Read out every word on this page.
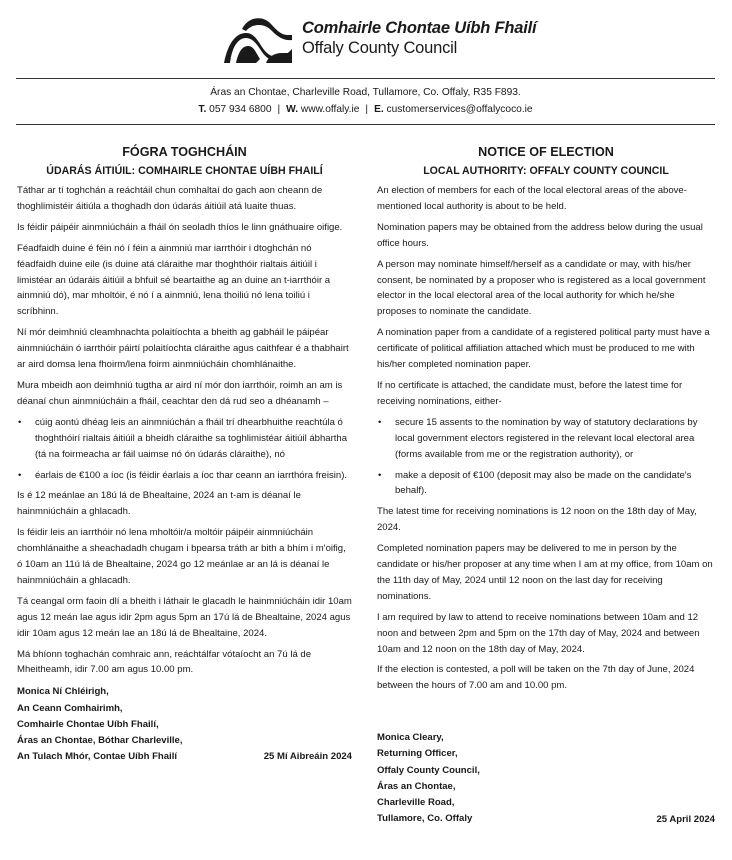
Comhairle Chontae Uíbh Fhailí
Offaly County Council
Áras an Chontae, Charleville Road, Tullamore, Co. Offaly, R35 F893.
T. 057 934 6800 | W. www.offaly.ie | E. customerservices@offalycoco.ie
FÓGRA TOGHCHÁIN
ÚDARÁS ÁITIÚIL: COMHAIRLE CHONTAE UÍBH FHAILÍ

Táthar ar tí toghchán a reáchtáil chun comhaltaí do gach aon cheann de thoghlimistéir áitiúla a thoghadh don údarás áitiúil atá luaite thuas.

Is féidir páipéir ainmniúcháin a fháil ón seoladh thíos le linn gnáthuaire oifige.

Féadfaidh duine é féin nó í féin a ainmniú mar iarrthóir i dtoghchán nó féadfaidh duine eile (is duine atá cláraithe mar thoghthóir rialtais áitiúil i limistéar an údaráis áitiúil a bhfuil sé beartaithe ag an duine an t-iarrthóir a ainmniú dó), mar mholtóir, é nó í a ainmniú, lena thoiliú nó lena toiliú i scríbhinn.

Ní mór deimhniú cleamhnachta polaitíochta a bheith ag gabháil le páipéar ainmniúcháin ó iarrthóir páirtí polaitíochta cláraithe agus caithfear é a thabhairt ar aird domsa lena fhoirm/lena foirm ainmniúcháin chomhlánaithe.

Mura mbeidh aon deimhniú tugtha ar aird ní mór don iarrthóir, roimh an am is déanaí chun ainmniúcháin a fháil, ceachtar den dá rud seo a dhéanamh –

• cúig aontú dhéag leis an ainmniúchán a fháil trí dhearbhuithe reachtúla ó thoghthóirí rialtais áitiúil a bheidh cláraithe sa toghlimistéar áitiúil ábhartha (tá na foirmeacha ar fáil uaimse nó ón údarás cláraithe), nó
• éarlais de €100 a íoc (is féidir éarlais a íoc thar ceann an iarrthóra freisin).

Is é 12 meánlae an 18ú lá de Bhealtaine, 2024 an t-am is déanaí le hainmniúcháin a ghlacadh.

Is féidir leis an iarrthóir nó lena mholtóir/a moltóir páipéir ainmniúcháin chomhlánaithe a sheachadadh chugam i bpearsa tráth ar bith a bhím i m'oifig, ó 10am an 11ú lá de Bhealtaine, 2024 go 12 meánlae ar an lá is déanaí le hainmniúcháin a ghlacadh.

Tá ceangal orm faoin dlí a bheith i láthair le glacadh le hainmniúcháin idir 10am agus 12 meán lae agus idir 2pm agus 5pm an 17ú lá de Bhealtaine, 2024 agus idir 10am agus 12 meán lae an 18ú lá de Bhealtaine, 2024.

Má bhíonn toghachán comhraic ann, reáchtálfar vótaíocht an 7ú lá de Mheitheamh, idir 7.00 am agus 10.00 pm.

Monica Ní Chléirigh,
An Ceann Comhairimh,
Comhairle Chontae Uíbh Fhailí,
Áras an Chontae, Bóthar Charleville,
An Tulach Mhór, Contae Uíbh Fhailí	25 Mí Aibreáin 2024
NOTICE OF ELECTION
LOCAL AUTHORITY: OFFALY COUNTY COUNCIL

An election of members for each of the local electoral areas of the above-mentioned local authority is about to be held.

Nomination papers may be obtained from the address below during the usual office hours.

A person may nominate himself/herself as a candidate or may, with his/her consent, be nominated by a proposer who is registered as a local government elector in the local electoral area of the local authority for which he/she proposes to nominate the candidate.

A nomination paper from a candidate of a registered political party must have a certificate of political affiliation attached which must be produced to me with his/her completed nomination paper.

If no certificate is attached, the candidate must, before the latest time for receiving nominations, either-

• secure 15 assents to the nomination by way of statutory declarations by local government electors registered in the relevant local electoral area (forms available from me or the registration authority), or
• make a deposit of €100 (deposit may also be made on the candidate's behalf).

The latest time for receiving nominations is 12 noon on the 18th day of May, 2024.

Completed nomination papers may be delivered to me in person by the candidate or his/her proposer at any time when I am at my office, from 10am on the 11th day of May, 2024 until 12 noon on the last day for receiving nominations.

I am required by law to attend to receive nominations between 10am and 12 noon and between 2pm and 5pm on the 17th day of May, 2024 and between 10am and 12 noon on the 18th day of May, 2024.

If the election is contested, a poll will be taken on the 7th day of June, 2024 between the hours of 7.00 am and 10.00 pm.

Monica Cleary,
Returning Officer,
Offaly County Council,
Áras an Chontae,
Charleville Road,
Tullamore, Co. Offaly	25 April 2024
